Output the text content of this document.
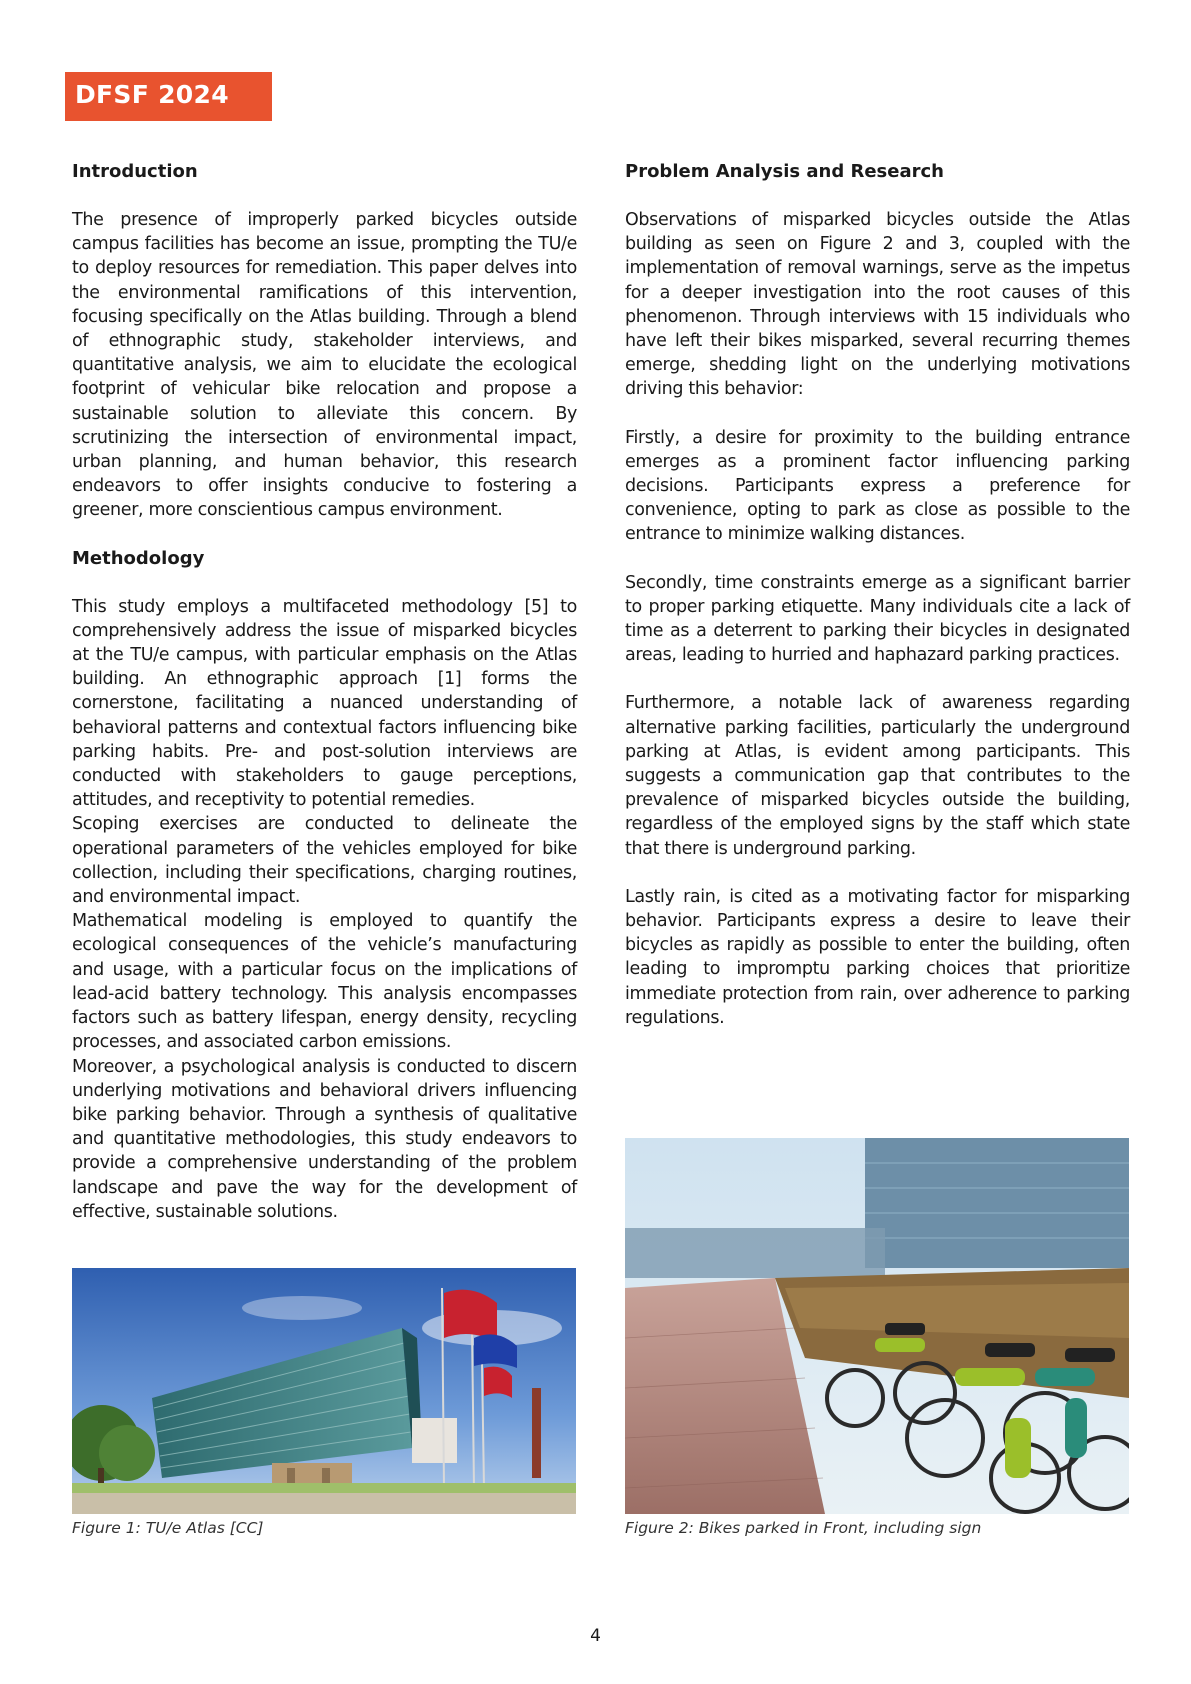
DFSF 2024
Introduction

The presence of improperly parked bicycles outside campus facilities has become an issue, prompting the TU/e to deploy resources for remediation. This paper delves into the environmental ramifications of this intervention, focusing specifically on the Atlas building. Through a blend of ethnographic study, stakeholder interviews, and quantitative analysis, we aim to elucidate the ecological footprint of vehicular bike relocation and propose a sustainable solution to alleviate this concern. By scrutinizing the intersection of environmental impact, urban planning, and human behavior, this research endeavors to offer insights conducive to fostering a greener, more conscientious campus environment.

Methodology

This study employs a multifaceted methodology [5] to comprehensively address the issue of misparked bicycles at the TU/e campus, with particular emphasis on the Atlas building. An ethnographic approach [1] forms the cornerstone, facilitating a nuanced understanding of behavioral patterns and contextual factors influencing bike parking habits. Pre- and post-solution interviews are conducted with stakeholders to gauge perceptions, attitudes, and receptivity to potential remedies.

Scoping exercises are conducted to delineate the operational parameters of the vehicles employed for bike collection, including their specifications, charging routines, and environmental impact.

Mathematical modeling is employed to quantify the ecological consequences of the vehicle’s manufacturing and usage, with a particular focus on the implications of lead-acid battery technology. This analysis encompasses factors such as battery lifespan, energy density, recycling processes, and associated carbon emissions.

Moreover, a psychological analysis is conducted to discern underlying motivations and behavioral drivers influencing bike parking behavior. Through a synthesis of qualitative and quantitative methodologies, this study endeavors to provide a comprehensive understanding of the problem landscape and pave the way for the development of effective, sustainable solutions.

Problem Analysis and Research

Observations of misparked bicycles outside the Atlas building as seen on Figure 2 and 3, coupled with the implementation of removal warnings, serve as the impetus for a deeper investigation into the root causes of this phenomenon. Through interviews with 15 individuals who have left their bikes misparked, several recurring themes emerge, shedding light on the underlying motivations driving this behavior:

Firstly, a desire for proximity to the building entrance emerges as a prominent factor influencing parking decisions. Participants express a preference for convenience, opting to park as close as possible to the entrance to minimize walking distances.

Secondly, time constraints emerge as a significant barrier to proper parking etiquette. Many individuals cite a lack of time as a deterrent to parking their bicycles in designated areas, leading to hurried and haphazard parking practices.

Furthermore, a notable lack of awareness regarding alternative parking facilities, particularly the underground parking at Atlas, is evident among participants. This suggests a communication gap that contributes to the prevalence of misparked bicycles outside the building, regardless of the employed signs by the staff which state that there is underground parking.

Lastly rain, is cited as a motivating factor for misparking behavior. Participants express a desire to leave their bicycles as rapidly as possible to enter the building, often leading to impromptu parking choices that prioritize immediate protection from rain, over adherence to parking regulations.

Figure 1: TU/e Atlas [CC]	Figure 2: Bikes parked in Front, including sign
4
